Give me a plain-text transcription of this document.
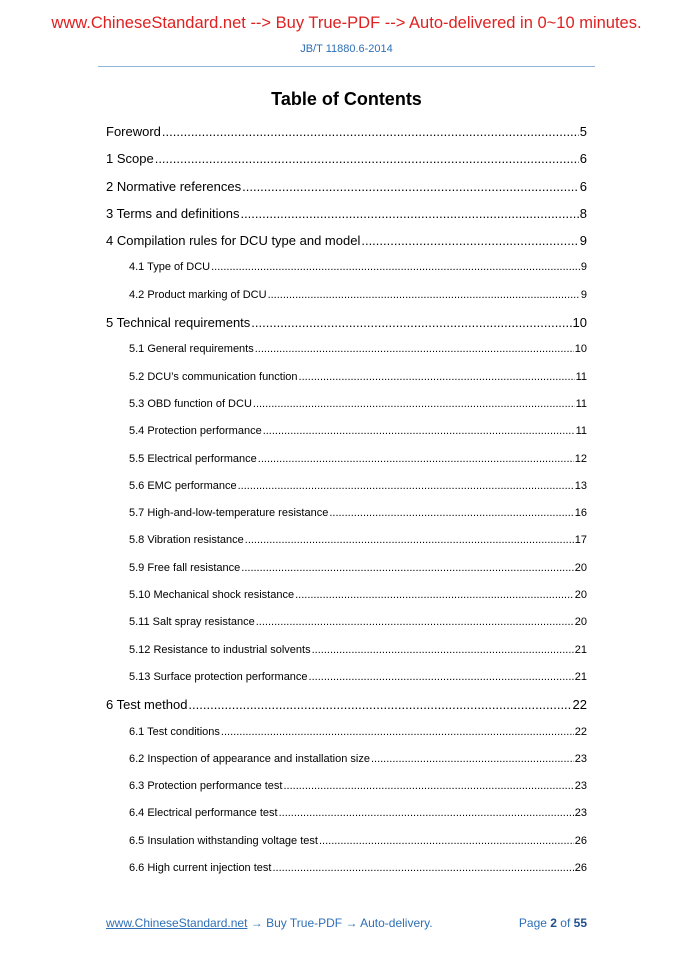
www.ChineseStandard.net --> Buy True-PDF --> Auto-delivered in 0~10 minutes.
JB/T 11880.6-2014
Table of Contents
Foreword .....	5
1 Scope .....	6
2 Normative references .....	6
3 Terms and definitions .....	8
4 Compilation rules for DCU type and model .....	9
4.1 Type of DCU .....	9
4.2 Product marking of DCU .....	9
5 Technical requirements .....	10
5.1 General requirements .....	10
5.2 DCU’s communication function .....	11
5.3 OBD function of DCU .....	11
5.4 Protection performance .....	11
5.5 Electrical performance .....	12
5.6 EMC performance .....	13
5.7 High-and-low-temperature resistance .....	16
5.8 Vibration resistance .....	17
5.9 Free fall resistance .....	20
5.10 Mechanical shock resistance .....	20
5.11 Salt spray resistance .....	20
5.12 Resistance to industrial solvents .....	21
5.13 Surface protection performance .....	21
6 Test method .....	22
6.1 Test conditions .....	22
6.2 Inspection of appearance and installation size .....	23
6.3 Protection performance test .....	23
6.4 Electrical performance test .....	23
6.5 Insulation withstanding voltage test .....	26
6.6 High current injection test .....	26
www.ChineseStandard.net → Buy True-PDF → Auto-delivery.	Page 2 of 55
